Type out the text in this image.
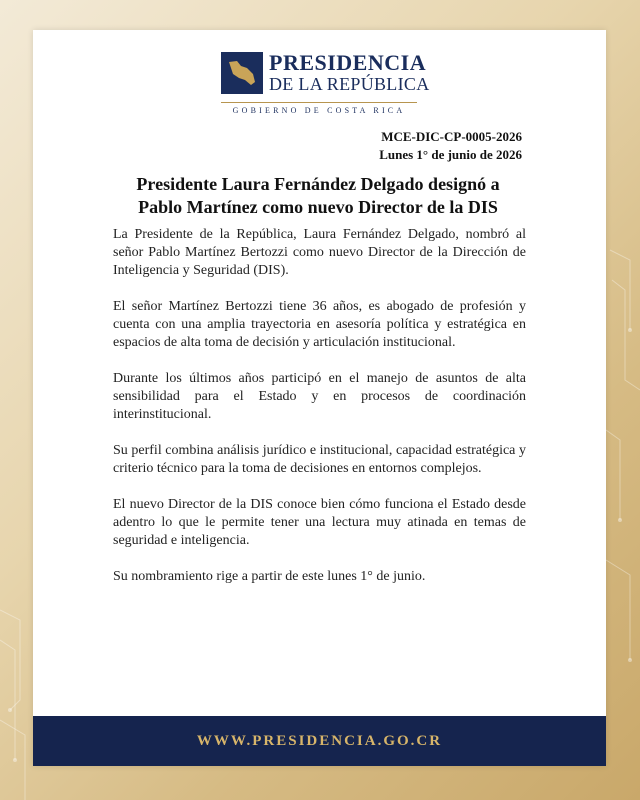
PRESIDENCIA
DE LA REPÚBLICA
GOBIERNO DE COSTA RICA
MCE-DIC-CP-0005-2026
Lunes 1° de junio de 2026
Presidente Laura Fernández Delgado designó a
Pablo Martínez como nuevo Director de la DIS

La Presidente de la República, Laura Fernández Delgado, nombró al señor Pablo Martínez Bertozzi como nuevo Director de la Dirección de Inteligencia y Seguridad (DIS).

El señor Martínez Bertozzi tiene 36 años, es abogado de profesión y cuenta con una amplia trayectoria en asesoría política y estratégica en espacios de alta toma de decisión y articulación institucional.

Durante los últimos años participó en el manejo de asuntos de alta sensibilidad para el Estado y en procesos de coordinación interinstitucional.

Su perfil combina análisis jurídico e institucional, capacidad estratégica y criterio técnico para la toma de decisiones en entornos complejos.

El nuevo Director de la DIS conoce bien cómo funciona el Estado desde adentro lo que le permite tener una lectura muy atinada en temas de seguridad e inteligencia.

Su nombramiento rige a partir de este lunes 1° de junio.

WWW.PRESIDENCIA.GO.CR
